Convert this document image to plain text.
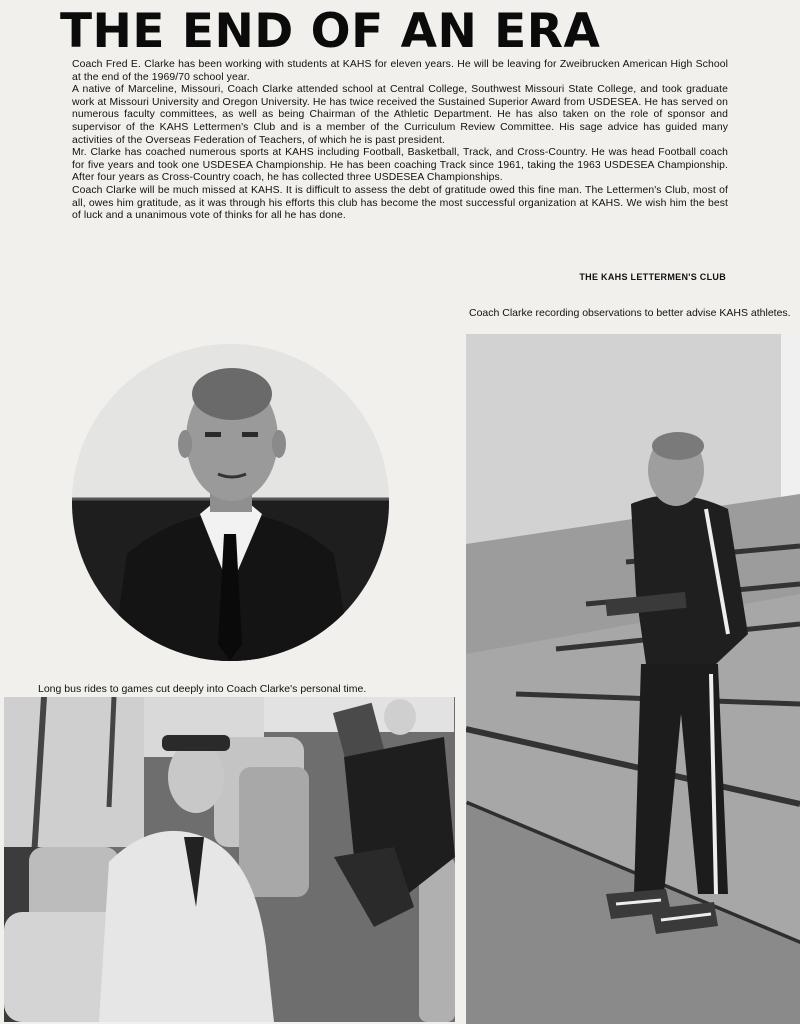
THE END OF AN ERA

Coach Fred E. Clarke has been working with students at KAHS for eleven years. He will be leaving for Zweibrucken American High School at the end of the 1969/70 school year.

A native of Marceline, Missouri, Coach Clarke attended school at Central College, Southwest Missouri State College, and took graduate work at Missouri University and Oregon University. He has twice received the Sustained Superior Award from USDESEA. He has served on numerous faculty committees, as well as being Chairman of the Athletic Department. He has also taken on the role of sponsor and supervisor of the KAHS Lettermen's Club and is a member of the Curriculum Review Committee. His sage advice has guided many activities of the Overseas Federation of Teachers, of which he is past president.

Mr. Clarke has coached numerous sports at KAHS including Football, Basketball, Track, and Cross-Country. He was head Football coach for five years and took one USDESEA Championship. He has been coaching Track since 1961, taking the 1963 USDESEA Championship. After four years as Cross-Country coach, he has collected three USDESEA Championships.

Coach Clarke will be much missed at KAHS. It is difficult to assess the debt of gratitude owed this fine man. The Lettermen's Club, most of all, owes him gratitude, as it was through his efforts this club has become the most successful organization at KAHS. We wish him the best of luck and a unanimous vote of thinks for all he has done.

THE KAHS LETTERMEN'S CLUB

Coach Clarke recording observations to better advise KAHS athletes.

Long bus rides to games cut deeply into Coach Clarke's personal time.
